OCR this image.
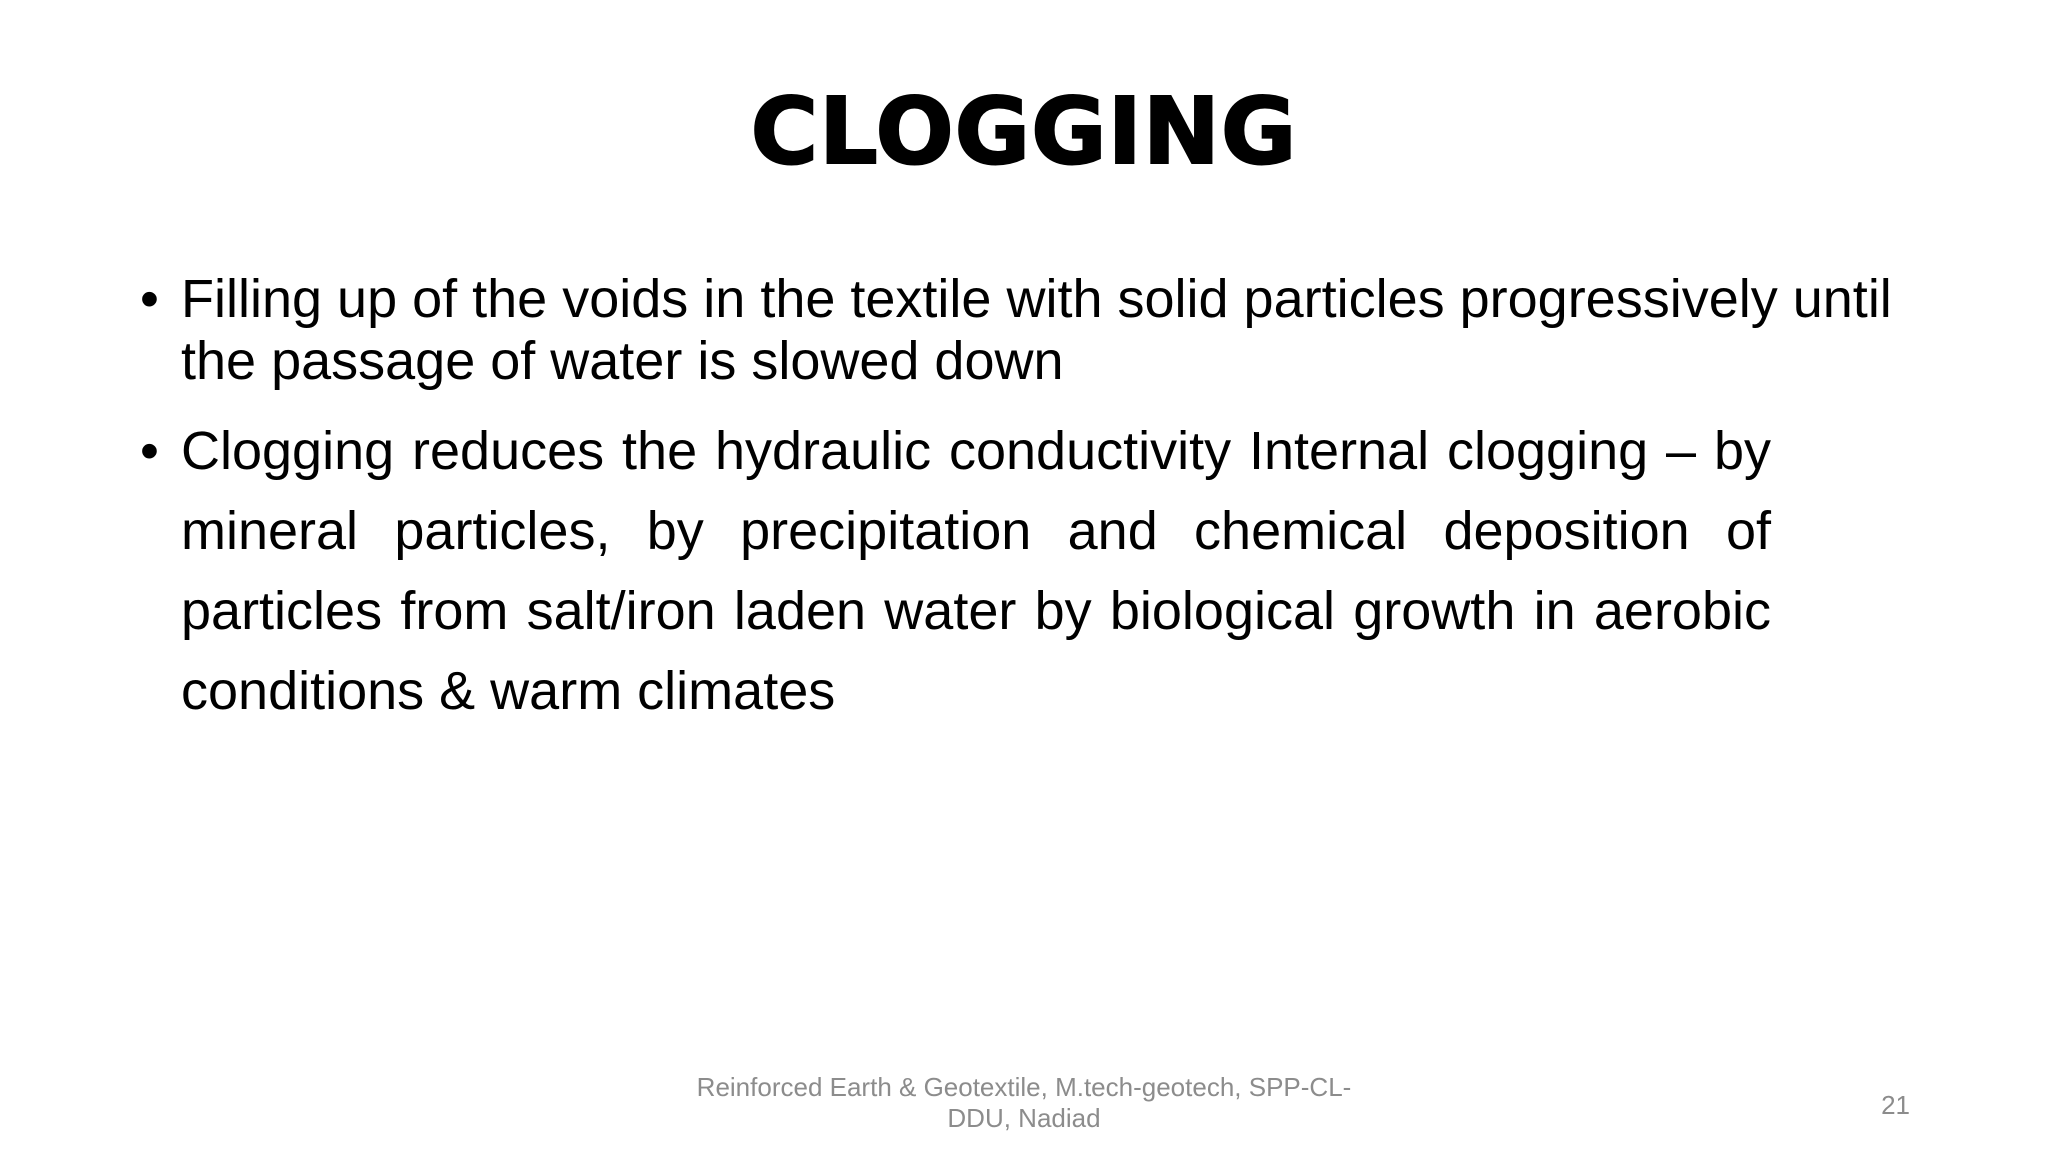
CLOGGING
• Filling up of the voids in the textile with solid particles progressively until the passage of water is slowed down
• Clogging reduces the hydraulic conductivity Internal clogging – by mineral particles, by precipitation and chemical deposition of particles from salt/iron laden water by biological growth in aerobic conditions & warm climates
Reinforced Earth & Geotextile, M.tech-geotech, SPP-CL-DDU, Nadiad	21
